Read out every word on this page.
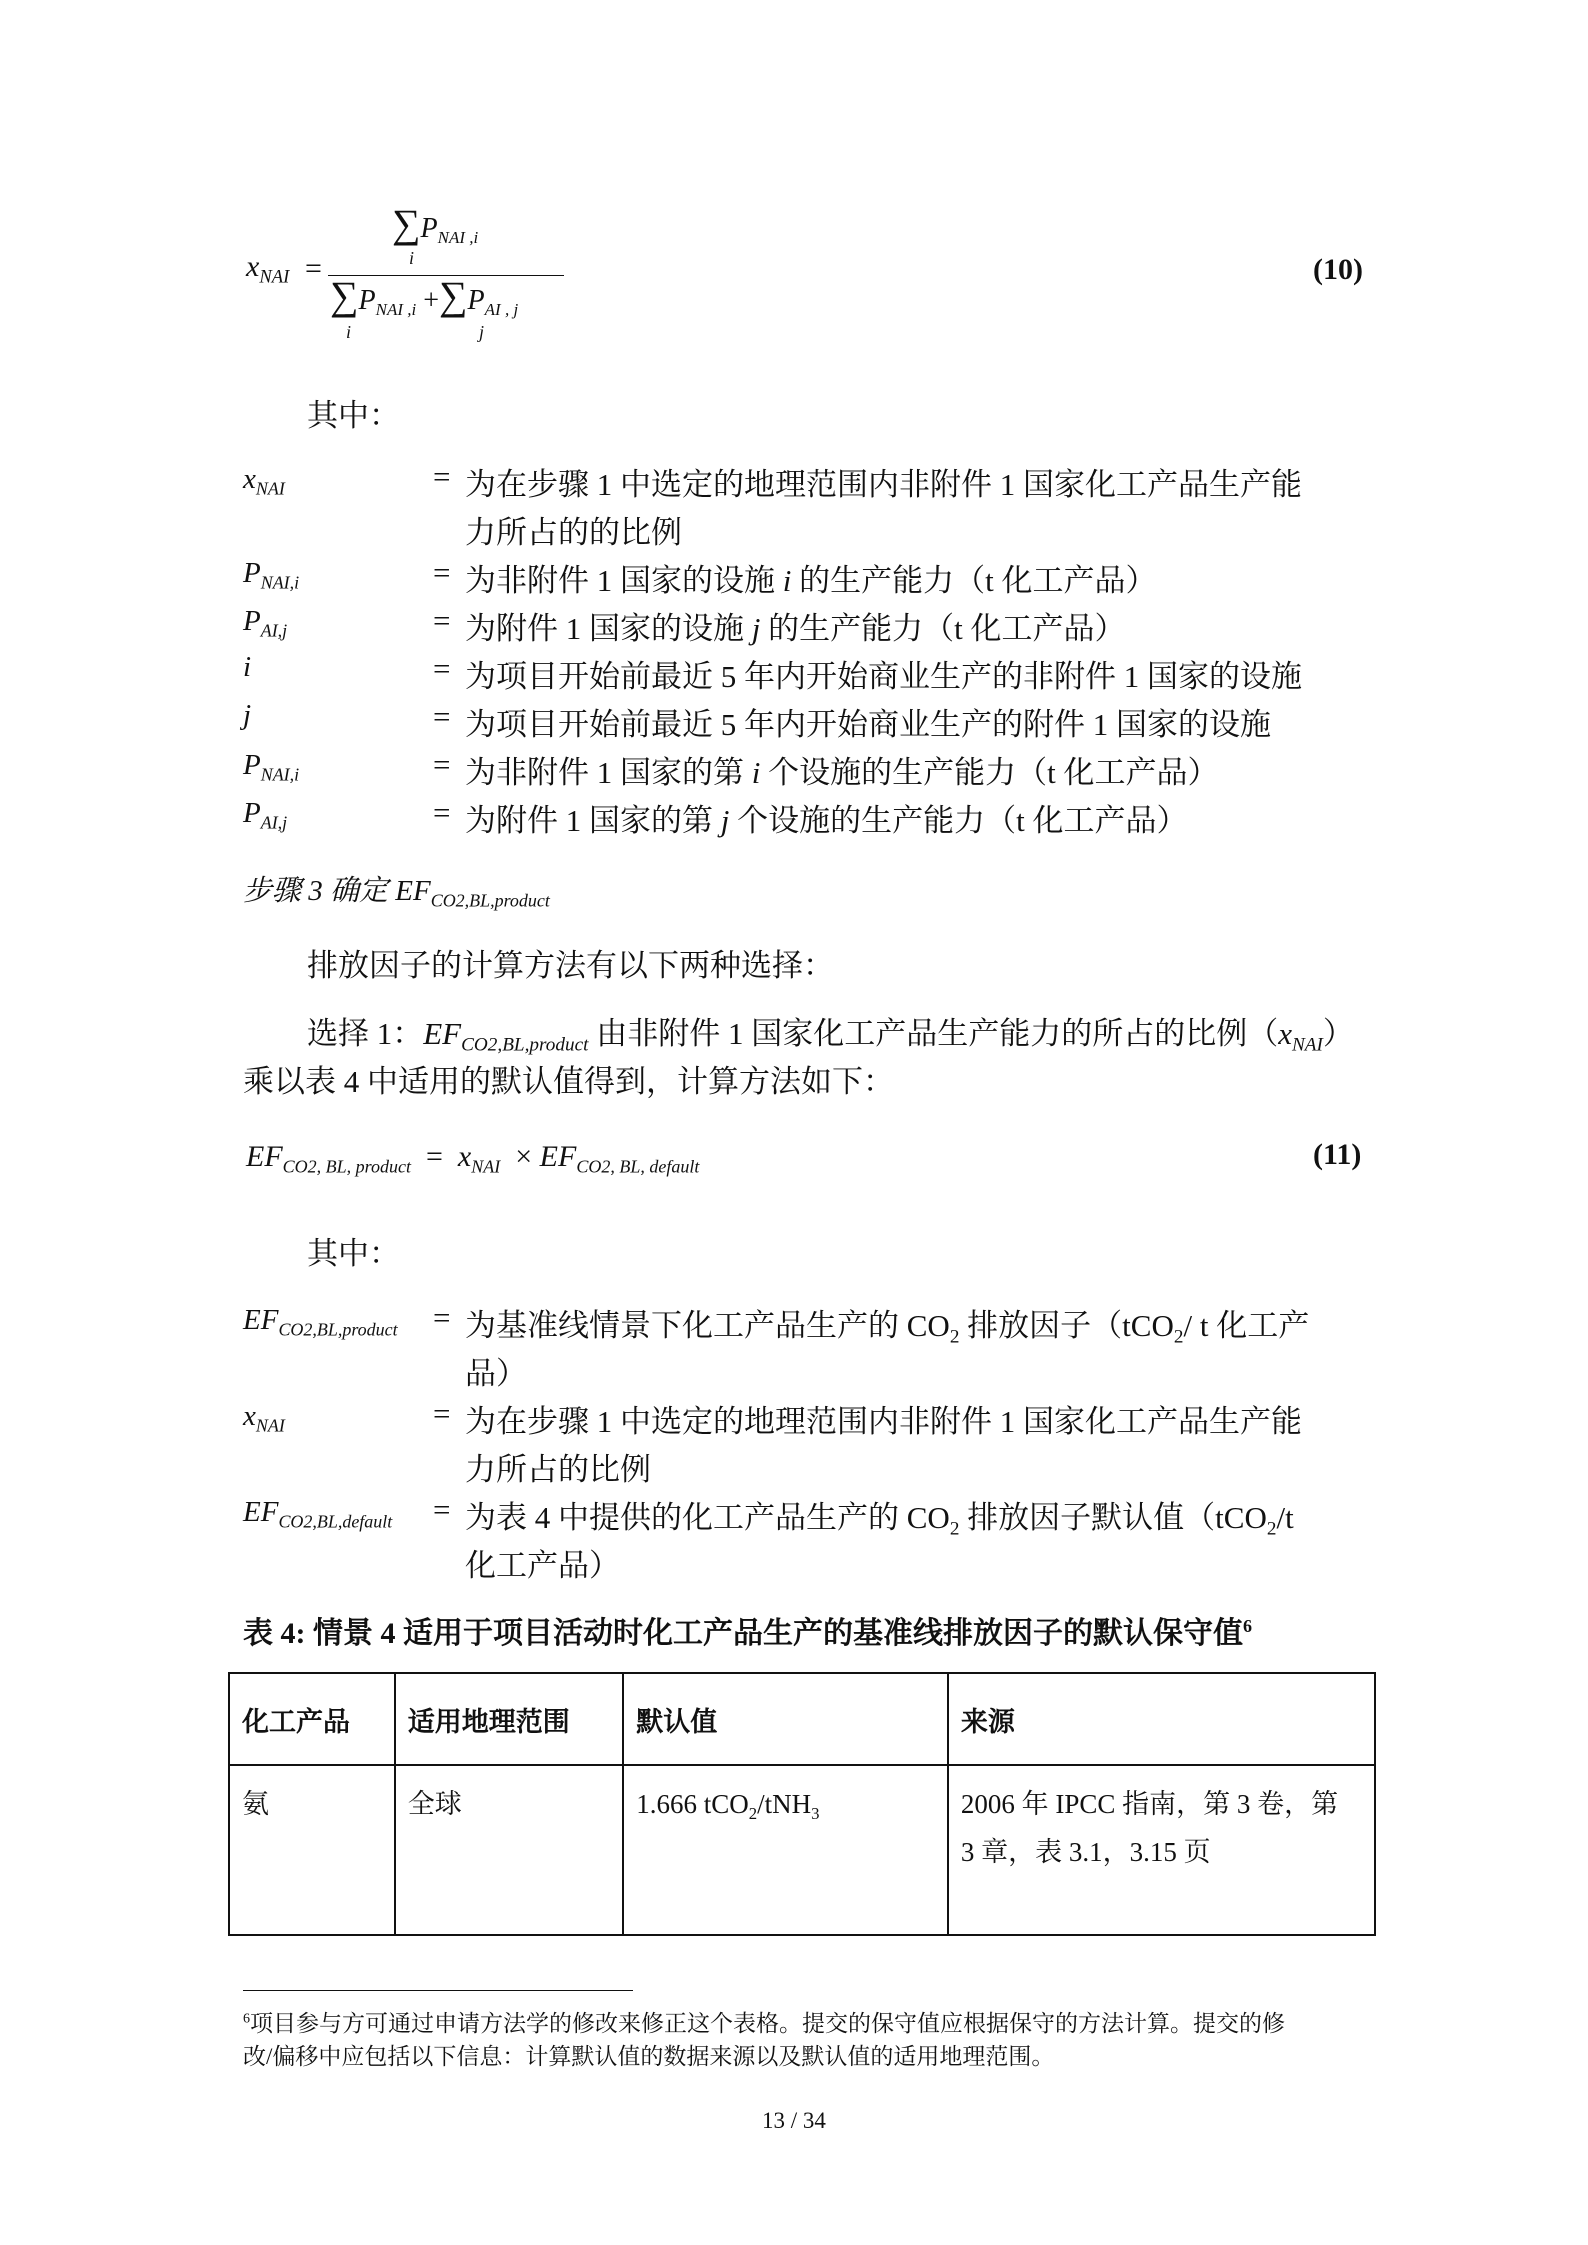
$x_{NAI}$ =
∑PNAI ,i
i
∑PNAI ,i +∑PAI , j
i	j
(10)
其中：
$x_{NAI}$	= 为在步骤 1 中选定的地理范围内非附件 1 国家化工产品生产能
力所占的的比例
$P_{NAI,i}$	= 为非附件 1 国家的设施 i 的生产能力（t 化工产品）
$P_{AI,j}$	= 为附件 1 国家的设施 j 的生产能力（t 化工产品）
i	= 为项目开始前最近 5 年内开始商业生产的非附件 1 国家的设施
j	= 为项目开始前最近 5 年内开始商业生产的附件 1 国家的设施
$P_{NAI,i}$	= 为非附件 1 国家的第 i 个设施的生产能力（t 化工产品）
$P_{AI,j}$	= 为附件 1 国家的第 j 个设施的生产能力（t 化工产品）
步骤 3 确定 $EF_{CO2,BL,product}$
排放因子的计算方法有以下两种选择：
选择 1：$EF_{CO2,BL,product}$ 由非附件 1 国家化工产品生产能力的所占的比例$(x_{NAI})$
乘以表 4 中适用的默认值得到，计算方法如下：
$EF_{CO2, BL, product} = x_{NAI} \times EF_{CO2, BL, default}$	(11)
其中：
$EF_{CO2,BL,product}$ = 为基准线情景下化工产品生产的 $CO_2$ 排放因子（tCO$_2$/ t 化工产
品）
$x_{NAI}$	= 为在步骤 1 中选定的地理范围内非附件 1 国家化工产品生产能
力所占的比例
$EF_{CO2,BL,default}$ = 为表 4 中提供的化工产品生产的 $CO_2$ 排放因子默认值（tCO$_2$/t
化工产品）
表 4: 情景 4 适用于项目活动时化工产品生产的基准线排放因子的默认保守值$^6$
化工产品	适用地理范围	默认值	来源
氨	全球	1.666 tCO$_2$/tNH$_3$	2006 年 IPCC 指南，第 3 卷，第
3 章，表 3.1，3.15 页
$^6$项目参与方可通过申请方法学的修改来修正这个表格。提交的保守值应根据保守的方法计算。提交的修
改/偏移中应包括以下信息：计算默认值的数据来源以及默认值的适用地理范围。
13 / 34
